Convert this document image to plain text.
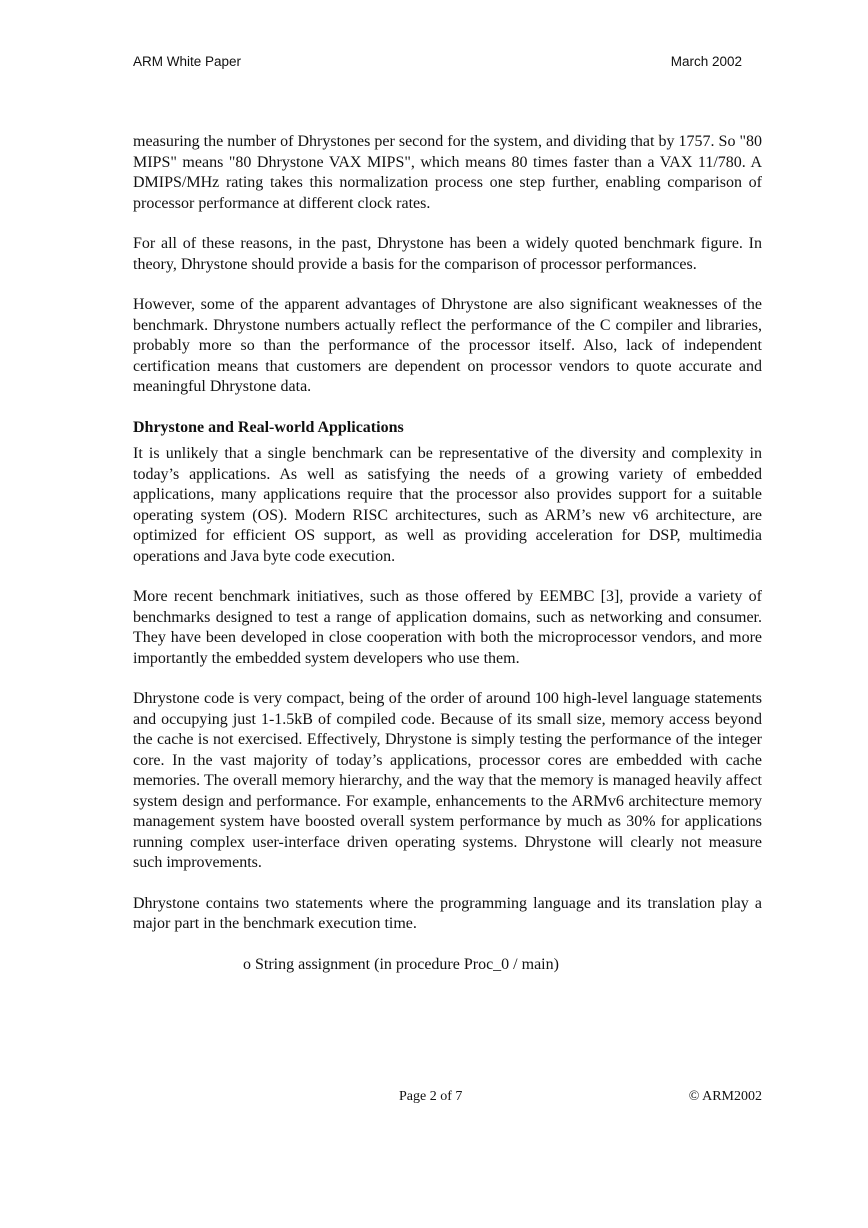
ARM White Paper	March 2002

measuring the number of Dhrystones per second for the system, and dividing that by 1757. So "80 MIPS" means "80 Dhrystone VAX MIPS", which means 80 times faster than a VAX 11/780. A DMIPS/MHz rating takes this normalization process one step further, enabling comparison of processor performance at different clock rates.

For all of these reasons, in the past, Dhrystone has been a widely quoted benchmark figure. In theory, Dhrystone should provide a basis for the comparison of processor performances.

However, some of the apparent advantages of Dhrystone are also significant weaknesses of the benchmark. Dhrystone numbers actually reflect the performance of the C compiler and libraries, probably more so than the performance of the processor itself. Also, lack of independent certification means that customers are dependent on processor vendors to quote accurate and meaningful Dhrystone data.

Dhrystone and Real-world Applications

It is unlikely that a single benchmark can be representative of the diversity and complexity in today’s applications. As well as satisfying the needs of a growing variety of embedded applications, many applications require that the processor also provides support for a suitable operating system (OS). Modern RISC architectures, such as ARM’s new v6 architecture, are optimized for efficient OS support, as well as providing acceleration for DSP, multimedia operations and Java byte code execution.

More recent benchmark initiatives, such as those offered by EEMBC [3], provide a variety of benchmarks designed to test a range of application domains, such as networking and consumer. They have been developed in close cooperation with both the microprocessor vendors, and more importantly the embedded system developers who use them.

Dhrystone code is very compact, being of the order of around 100 high-level language statements and occupying just 1-1.5kB of compiled code. Because of its small size, memory access beyond the cache is not exercised. Effectively, Dhrystone is simply testing the performance of the integer core. In the vast majority of today’s applications, processor cores are embedded with cache memories. The overall memory hierarchy, and the way that the memory is managed heavily affect system design and performance. For example, enhancements to the ARMv6 architecture memory management system have boosted overall system performance by much as 30% for applications running complex user-interface driven operating systems. Dhrystone will clearly not measure such improvements.

Dhrystone contains two statements where the programming language and its translation play a major part in the benchmark execution time.

o String assignment (in procedure Proc_0 / main)
Page 2 of 7	© ARM2002
